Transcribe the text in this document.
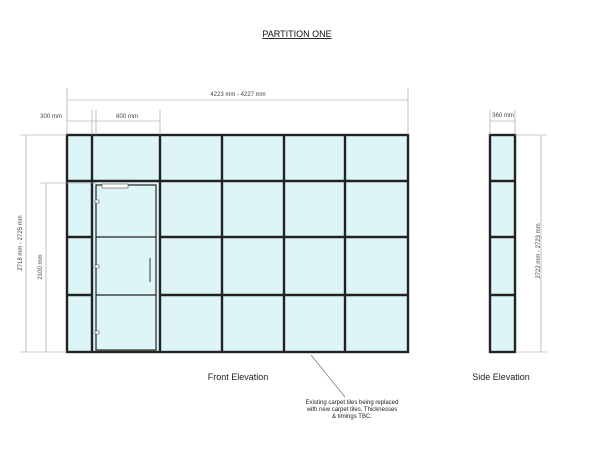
PARTITION ONE
4223 mm - 4227 mm
300 mm	800 mm
2718 mm - 2725 mm 2100 mm
Front Elevation
360 mm
2722 mm - 2723 mm
Side Elevation
Existing carpet tiles being replaced
with new carpet tiles. Thicknesses
& timings TBC.
